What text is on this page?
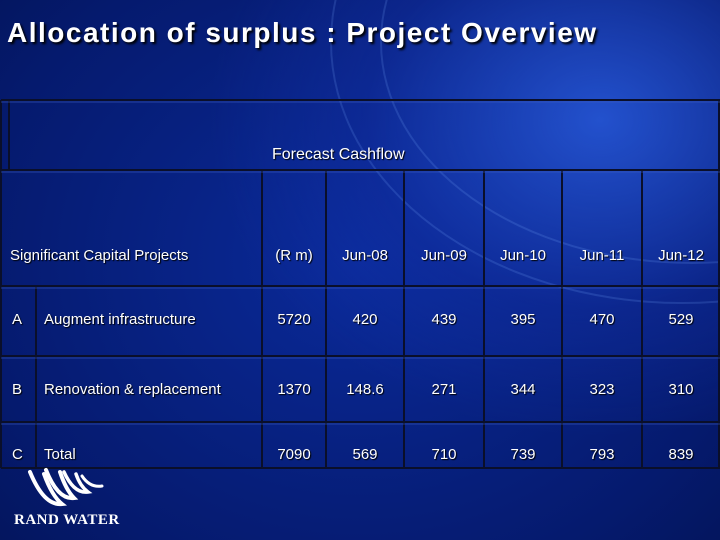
Allocation of surplus : Project Overview
Forecast Cashflow
Significant Capital Projects	(R m)	Jun-08	Jun-09	Jun-10	Jun-11	Jun-12
A Augment infrastructure	5720	420	439	395	470	529
B Renovation & replacement	1370	148.6	271	344	323	310
C Total	7090	569	710	739	793	839
RAND WATER
